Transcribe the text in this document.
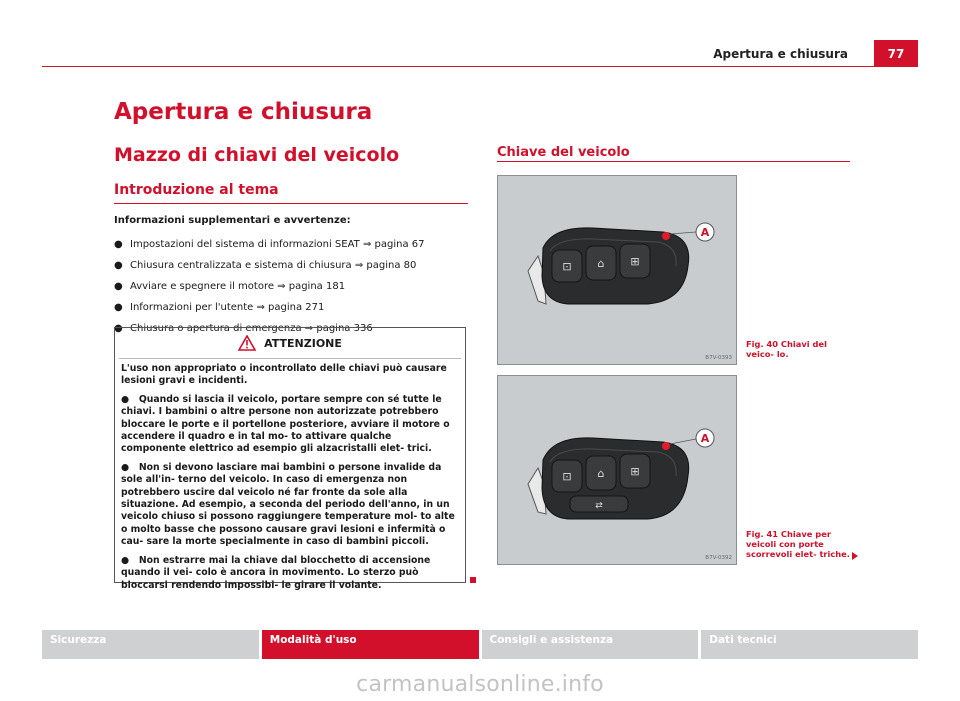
Apertura e chiusura	77
Apertura e chiusura
Mazzo di chiavi del veicolo
Introduzione al tema
Informazioni supplementari e avvertenze:
● Impostazioni del sistema di informazioni SEAT ⇒ pagina 67
● Chiusura centralizzata e sistema di chiusura ⇒ pagina 80
● Avviare e spegnere il motore ⇒ pagina 181
● Informazioni per l'utente ⇒ pagina 271
● Chiusura o apertura di emergenza ⇒ pagina 336
ATTENZIONE

L'uso non appropriato o incontrollato delle chiavi può causare lesioni gravi e incidenti.

● Quando si lascia il veicolo, portare sempre con sé tutte le chiavi. I bambini o altre persone non autorizzate potrebbero bloccare le porte e il portellone posteriore, avviare il motore o accendere il quadro e in tal mo- to attivare qualche componente elettrico ad esempio gli alzacristalli elet- trici.

● Non si devono lasciare mai bambini o persone invalide da sole all'in- terno del veicolo. In caso di emergenza non potrebbero uscire dal veicolo né far fronte da sole alla situazione. Ad esempio, a seconda del periodo dell'anno, in un veicolo chiuso si possono raggiungere temperature mol- to alte o molto basse che possono causare gravi lesioni e infermità o cau- sare la morte specialmente in caso di bambini piccoli.

● Non estrarre mai la chiave dal blocchetto di accensione quando il vei- colo è ancora in movimento. Lo sterzo può bloccarsi rendendo impossibi- le girare il volante.

Chiave del veicolo
⊡ ⌂ ⊞
A
B7V-0393
⊡ ⌂ ⊞
⇄
A
B7V-0392
Fig. 40 Chiavi del veico- lo.
Fig. 41 Chiave per veicoli con porte scorrevoli elet- triche.
Sicurezza	Modalità d'uso	Consigli e assistenza	Dati tecnici
carmanualsonline.info
